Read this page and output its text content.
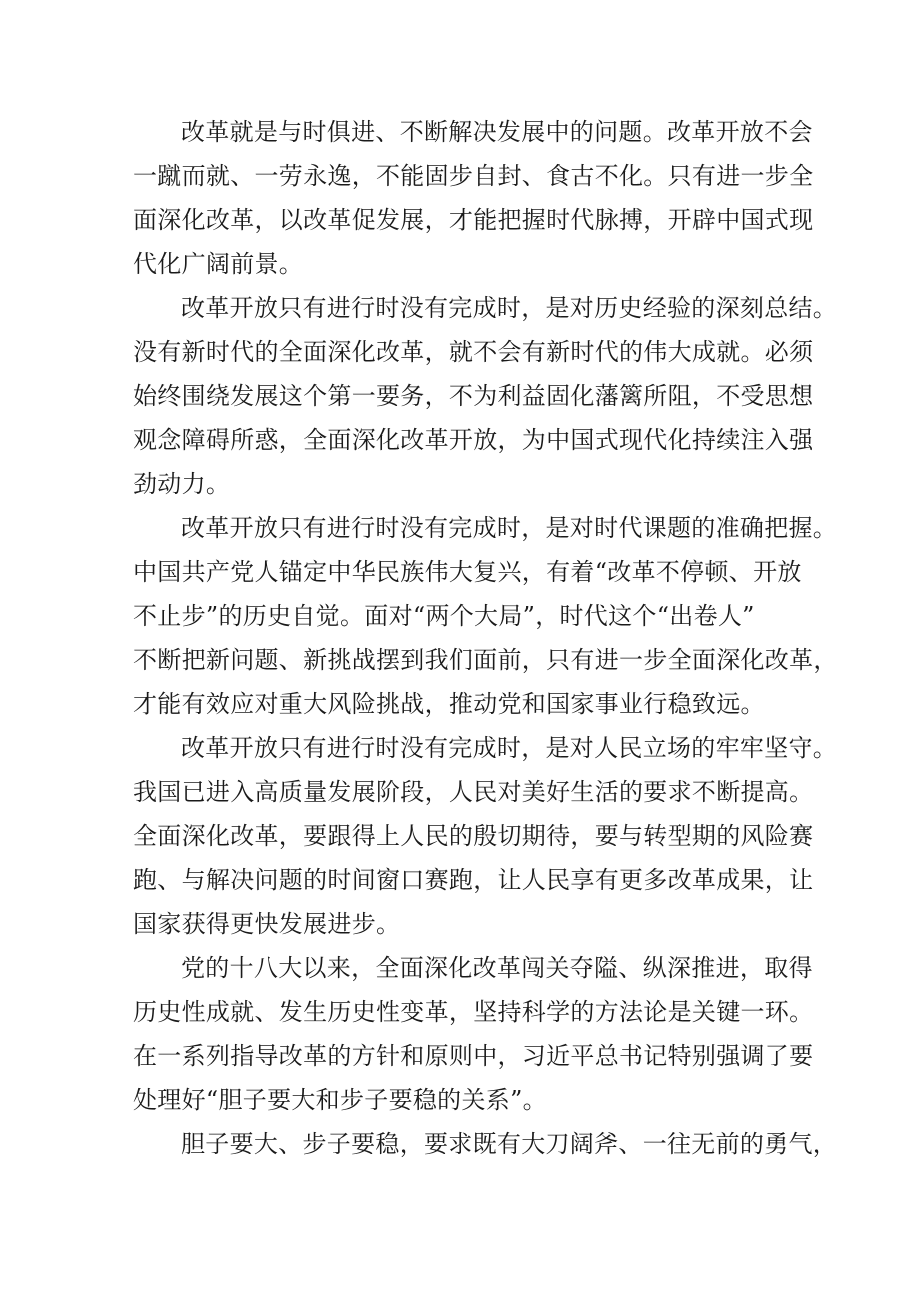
改革就是与时俱进、不断解决发展中的问题。改革开放不会
一蹴而就、一劳永逸，不能固步自封、食古不化。只有进一步全
面深化改革，以改革促发展，才能把握时代脉搏，开辟中国式现
代化广阔前景。
改革开放只有进行时没有完成时，是对历史经验的深刻总结。
没有新时代的全面深化改革，就不会有新时代的伟大成就。必须
始终围绕发展这个第一要务，不为利益固化藩篱所阻，不受思想
观念障碍所惑，全面深化改革开放，为中国式现代化持续注入强
劲动力。
改革开放只有进行时没有完成时，是对时代课题的准确把握。
中国共产党人锚定中华民族伟大复兴，有着“改革不停顿、开放
不止步”的历史自觉。面对“两个大局”，时代这个“出卷人”
不断把新问题、新挑战摆到我们面前，只有进一步全面深化改革，
才能有效应对重大风险挑战，推动党和国家事业行稳致远。
改革开放只有进行时没有完成时，是对人民立场的牢牢坚守。
我国已进入高质量发展阶段，人民对美好生活的要求不断提高。
全面深化改革，要跟得上人民的殷切期待，要与转型期的风险赛
跑、与解决问题的时间窗口赛跑，让人民享有更多改革成果，让
国家获得更快发展进步。
党的十八大以来，全面深化改革闯关夺隘、纵深推进，取得
历史性成就、发生历史性变革，坚持科学的方法论是关键一环。
在一系列指导改革的方针和原则中，习近平总书记特别强调了要
处理好“胆子要大和步子要稳的关系”。
胆子要大、步子要稳，要求既有大刀阔斧、一往无前的勇气，
